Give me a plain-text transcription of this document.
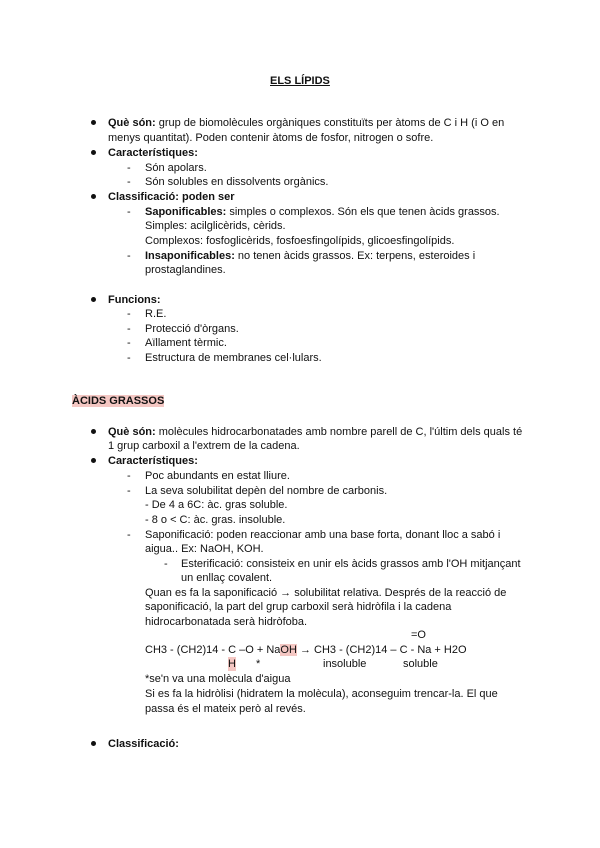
ELS LÍPIDS
Què són: grup de biomolècules orgàniques constituïts per àtoms de C i H (i O en
menys quantitat). Poden contenir àtoms de fosfor, nitrogen o sofre.
Característiques:
- Són apolars.
- Són solubles en dissolvents orgànics.
Classificació: poden ser
- Saponificables: simples o complexos. Són els que tenen àcids grassos.
Simples: acilglicèrids, cèrids.
Complexos: fosfoglicèrids, fosfoesfingolípids, glicoesfingolípids.
- Insaponificables: no tenen àcids grassos. Ex: terpens, esteroides i
prostaglandines.
Funcions:
- R.E.
- Protecció d'òrgans.
- Aïllament tèrmic.
- Estructura de membranes cel·lulars.
ÀCIDS GRASSOS
Què són: molècules hidrocarbonatades amb nombre parell de C, l'últim dels quals té
1 grup carboxil a l'extrem de la cadena.
Característiques:
- Poc abundants en estat lliure.
- La seva solubilitat depèn del nombre de carbonis.
- De 4 a 6C: àc. gras soluble.
- 8 o < C: àc. gras. insoluble.
- Saponificació: poden reaccionar amb una base forta, donant lloc a sabó i
aigua.. Ex: NaOH, KOH.
- Esterificació: consisteix en unir els àcids grassos amb l'OH mitjançant
un enllaç covalent.
Quan es fa la saponificació → solubilitat relativa. Després de la reacció de
saponificació, la part del grup carboxil serà hidròfila i la cadena
hidrocarbonatada serà hidròfoba.
=O
CH3 - (CH2)14 - C –O + NaOH → CH3 - (CH2)14 – C - Na + H2O
H *	insoluble	soluble
*se'n va una molècula d'aigua
Si es fa la hidròlisi (hidratem la molècula), aconseguim trencar-la. El que
passa és el mateix però al revés.
Classificació:
